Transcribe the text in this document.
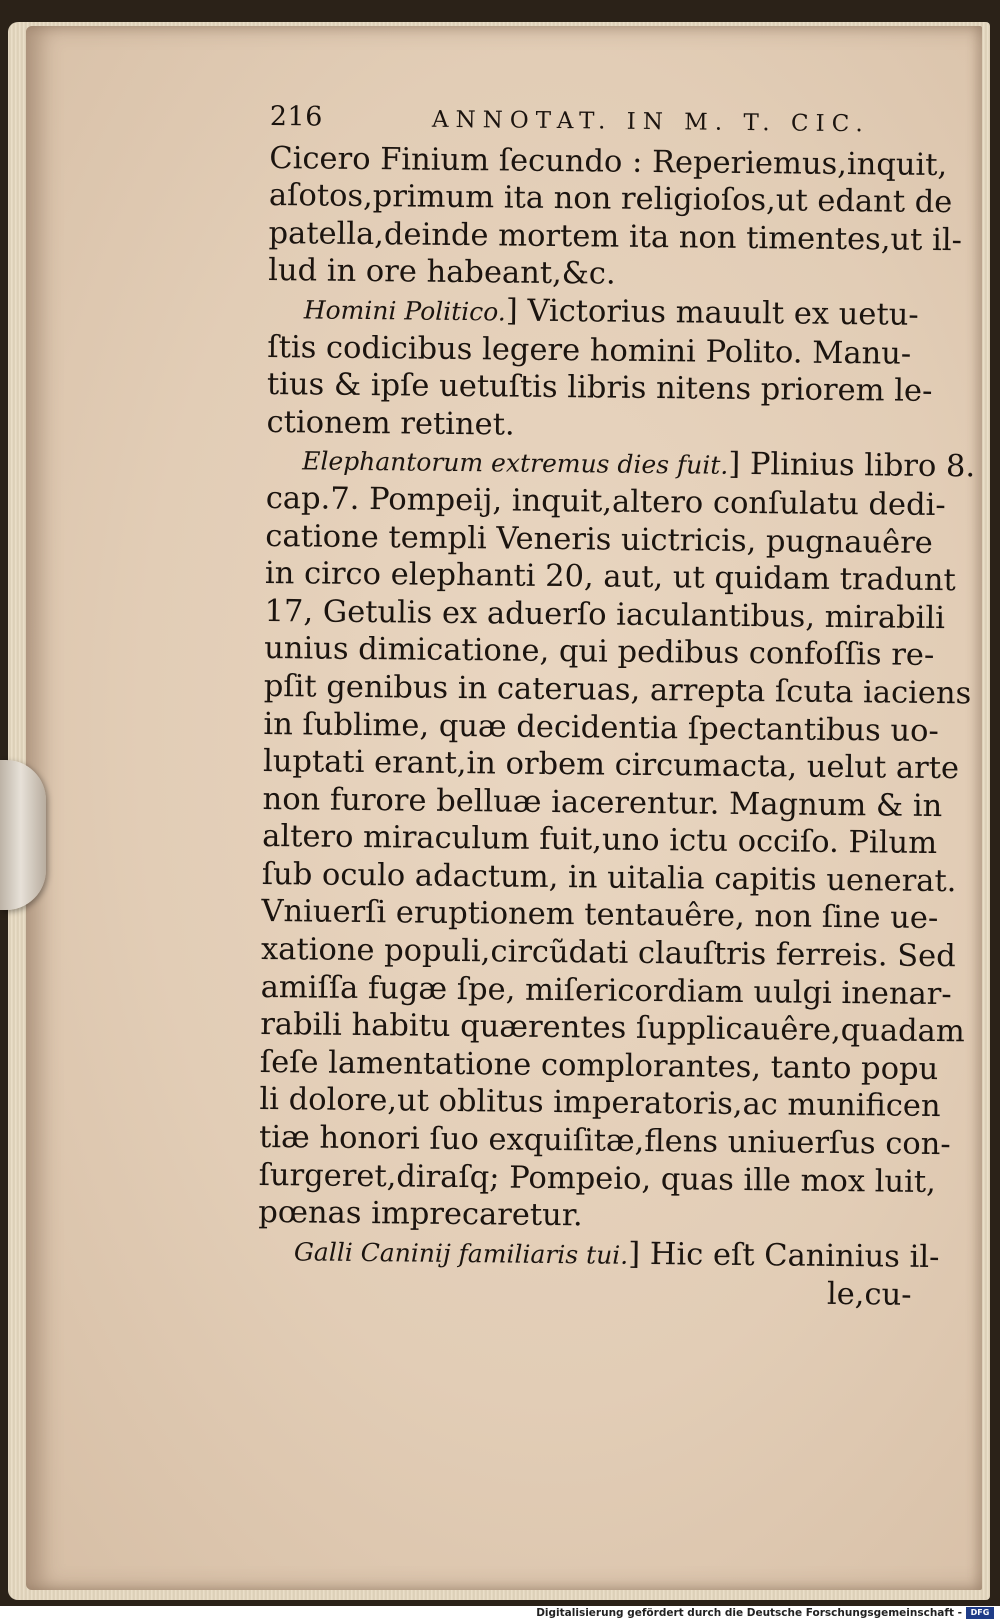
216	ANNOTAT. IN M. T. CIC.
Cicero Finium ſecundo : Reperiemus,inquit,
aſotos,primum ita non religioſos,ut edant de
patella,deinde mortem ita non timentes,ut il-
lud in ore habeant,&c.
Homini Politico.] Victorius mauult ex uetu-
ſtis codicibus legere homini Polito. Manu-
tius & ipſe uetuſtis libris nitens priorem le-
ctionem retinet.
Elephantorum extremus dies fuit.] Plinius libro 8.
cap.7. Pompeij, inquit,altero conſulatu dedi-
catione templi Veneris uictricis, pugnauêre
in circo elephanti 20, aut, ut quidam tradunt
17, Getulis ex aduerſo iaculantibus, mirabili
unius dimicatione, qui pedibus confoſſis re-
pſit genibus in cateruas, arrepta ſcuta iaciens
in ſublime, quæ decidentia ſpectantibus uo-
luptati erant,in orbem circumacta, uelut arte
non furore belluæ iacerentur. Magnum & in
altero miraculum fuit,uno ictu occiſo. Pilum
ſub oculo adactum, in uitalia capitis uenerat.
Vniuerſi eruptionem tentauêre, non ſine ue-
xatione populi,circũdati clauſtris ferreis. Sed
amiſſa fugæ ſpe, miſericordiam uulgi inenar-
rabili habitu quærentes ſupplicauêre,quadam
ſeſe lamentatione complorantes, tanto popu
li dolore,ut oblitus imperatoris,ac munificen
tiæ honori ſuo exquiſitæ,flens uniuerſus con-
ſurgeret,diraſq; Pompeio, quas ille mox luit,
pœnas imprecaretur.
Galli Caninij familiaris tui.] Hic eſt Caninius il-
le,cu-
Digitalisierung gefördert durch die Deutsche Forschungsgemeinschaft -	DFG
